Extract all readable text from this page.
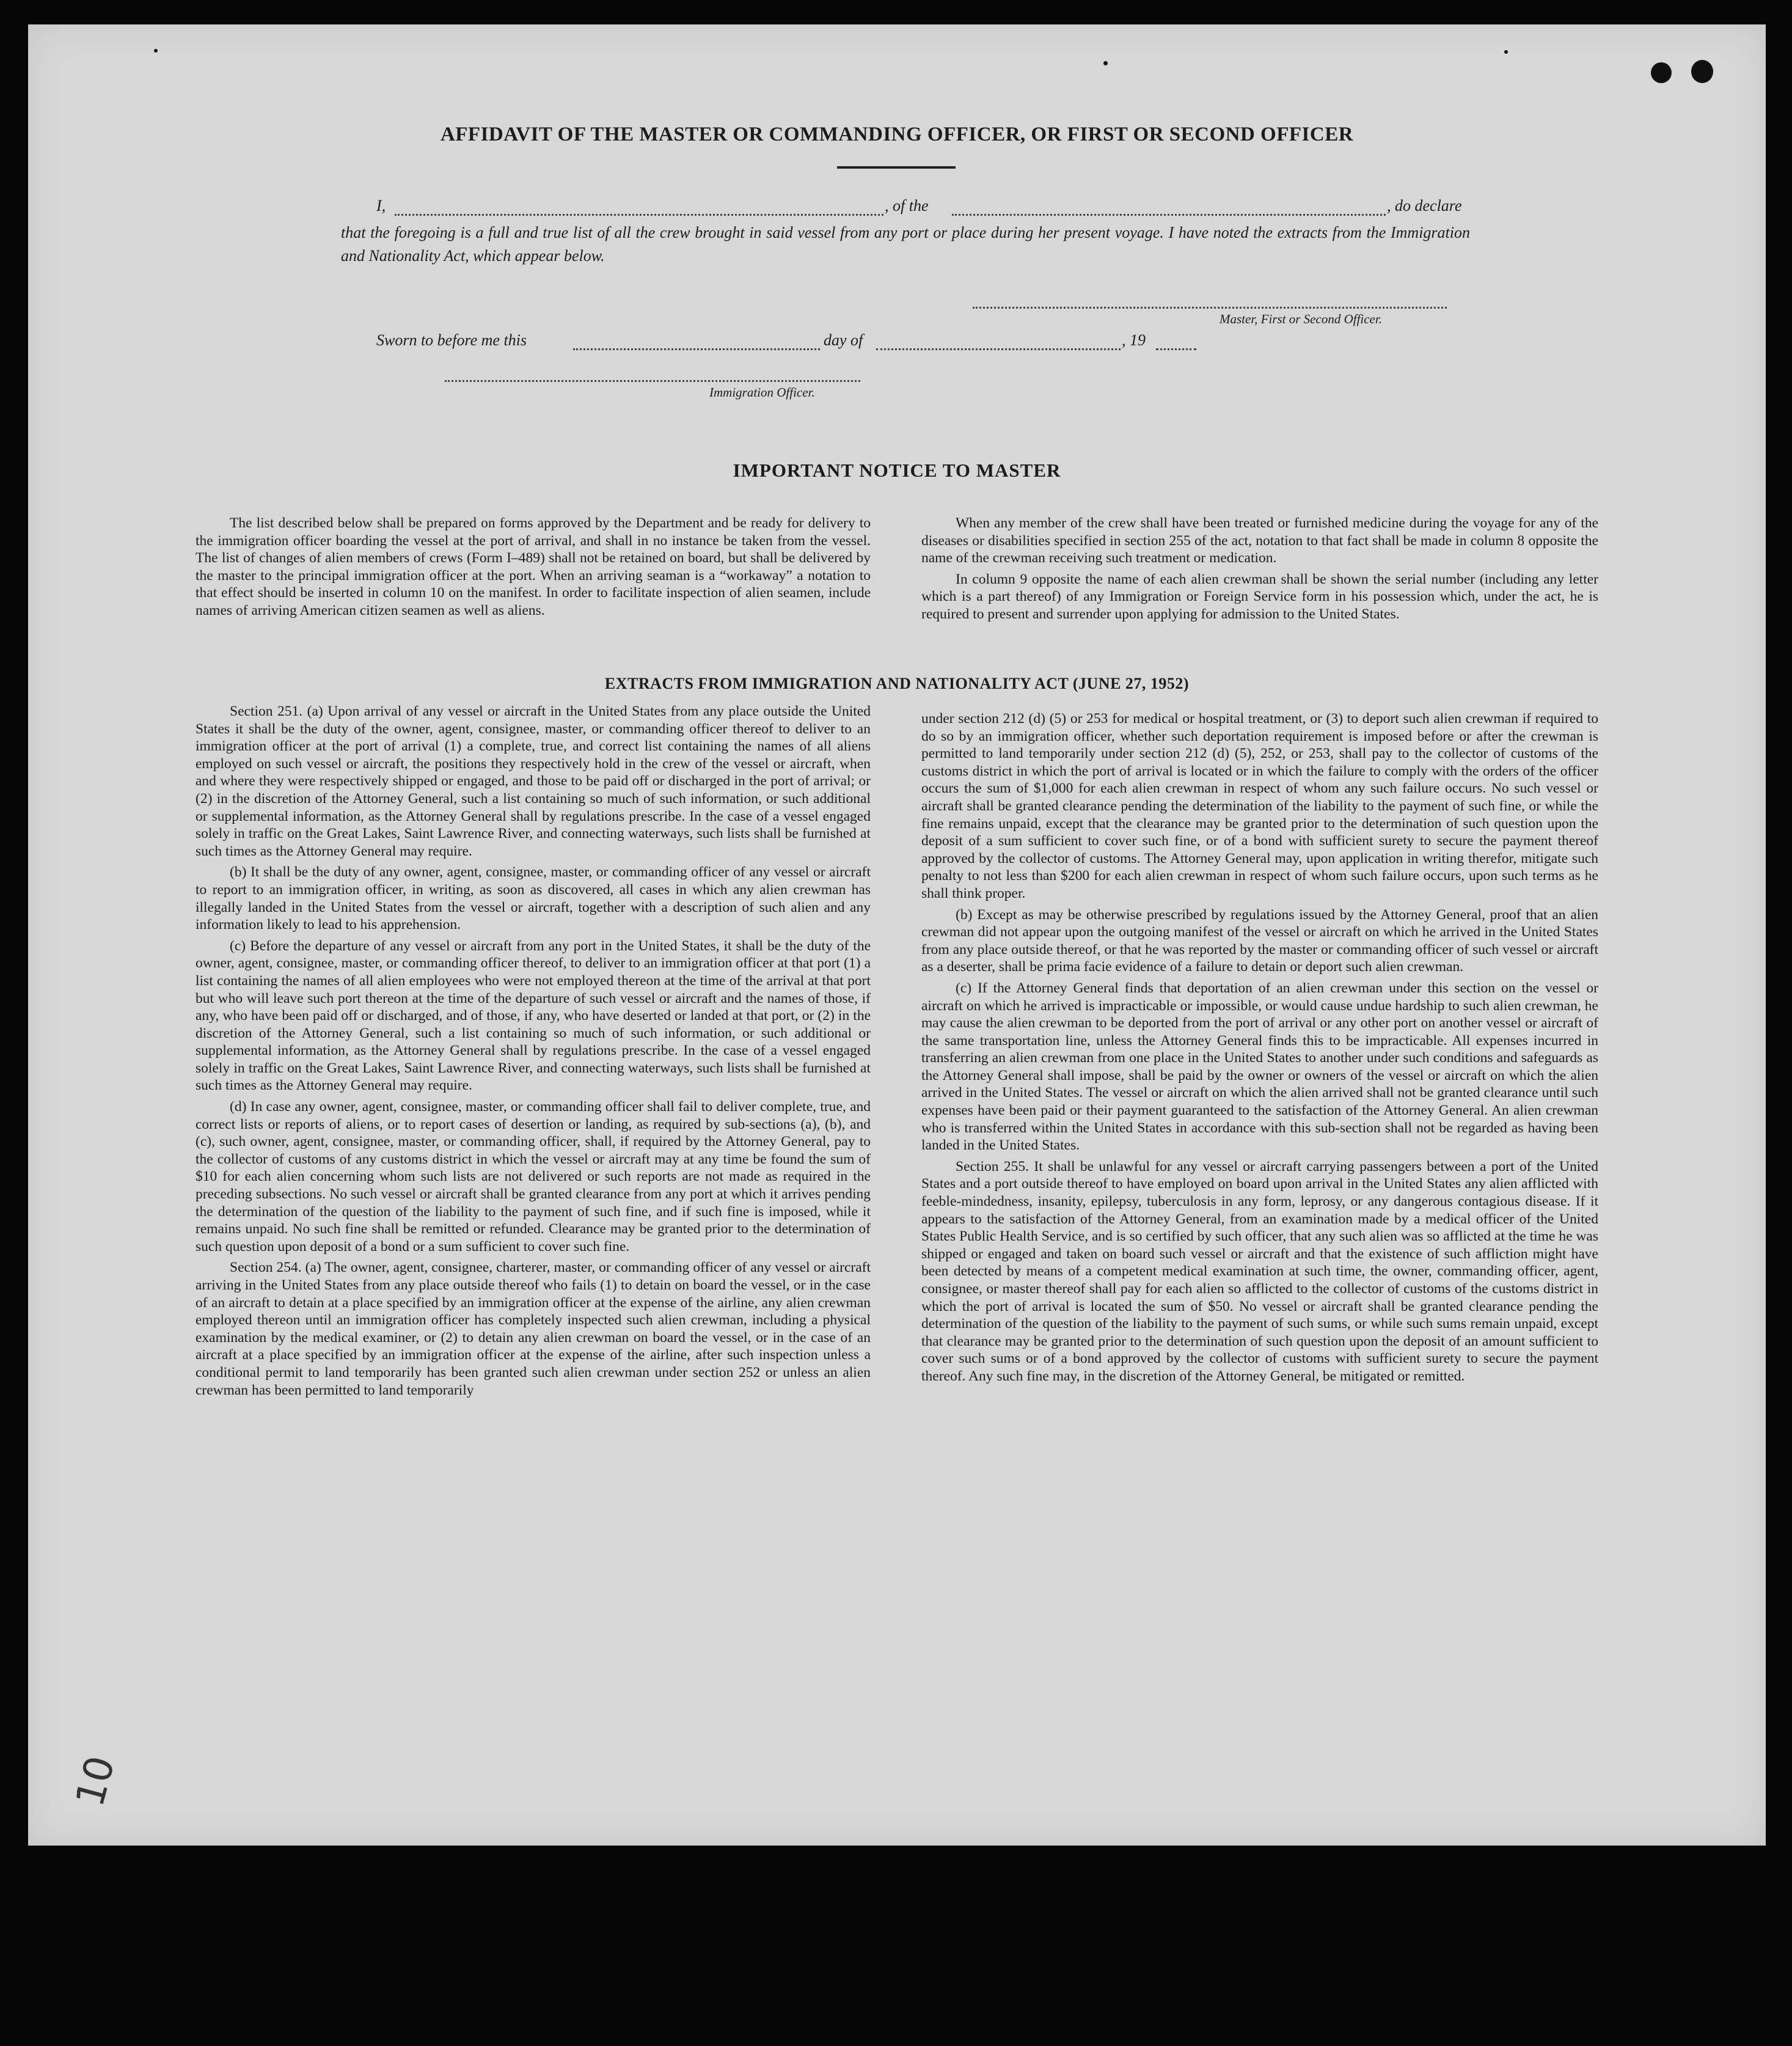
AFFIDAVIT OF THE MASTER OR COMMANDING OFFICER, OR FIRST OR SECOND OFFICER
I,	, of the	, do declare
that the foregoing is a full and true list of all the crew brought in said vessel from any port or place during her present voyage. I have noted the extracts from the Immigration and Nationality Act, which appear below.
Master, First or Second Officer.
Sworn to before me this	day of	, 19
Immigration Officer.
IMPORTANT NOTICE TO MASTER

The list described below shall be prepared on forms approved by the Department and be ready for delivery to the immigration officer boarding the vessel at the port of arrival, and shall in no instance be taken from the vessel. The list of changes of alien members of crews (Form I–489) shall not be retained on board, but shall be delivered by the master to the principal immigration officer at the port. When an arriving seaman is a “workaway” a notation to that effect should be inserted in column 10 on the manifest. In order to facilitate inspection of alien seamen, include names of arriving American citizen seamen as well as aliens.

When any member of the crew shall have been treated or furnished medicine during the voyage for any of the diseases or disabilities specified in section 255 of the act, notation to that fact shall be made in column 8 opposite the name of the crewman receiving such treatment or medication.

In column 9 opposite the name of each alien crewman shall be shown the serial number (including any letter which is a part thereof) of any Immigration or Foreign Service form in his possession which, under the act, he is required to present and surrender upon applying for admission to the United States.

EXTRACTS FROM IMMIGRATION AND NATIONALITY ACT (JUNE 27, 1952)

Section 251. (a) Upon arrival of any vessel or aircraft in the United States from any place outside the United States it shall be the duty of the owner, agent, consignee, master, or commanding officer thereof to deliver to an immigration officer at the port of arrival (1) a complete, true, and correct list containing the names of all aliens employed on such vessel or aircraft, the positions they respectively hold in the crew of the vessel or aircraft, when and where they were respectively shipped or engaged, and those to be paid off or discharged in the port of arrival; or (2) in the discretion of the Attorney General, such a list containing so much of such information, or such additional or supplemental information, as the Attorney General shall by regulations prescribe. In the case of a vessel engaged solely in traffic on the Great Lakes, Saint Lawrence River, and connecting waterways, such lists shall be furnished at such times as the Attorney General may require.

(b) It shall be the duty of any owner, agent, consignee, master, or commanding officer of any vessel or aircraft to report to an immigration officer, in writing, as soon as discovered, all cases in which any alien crewman has illegally landed in the United States from the vessel or aircraft, together with a description of such alien and any information likely to lead to his apprehension.

(c) Before the departure of any vessel or aircraft from any port in the United States, it shall be the duty of the owner, agent, consignee, master, or commanding officer thereof, to deliver to an immigration officer at that port (1) a list containing the names of all alien employees who were not employed thereon at the time of the arrival at that port but who will leave such port thereon at the time of the departure of such vessel or aircraft and the names of those, if any, who have been paid off or discharged, and of those, if any, who have deserted or landed at that port, or (2) in the discretion of the Attorney General, such a list containing so much of such information, or such additional or supplemental information, as the Attorney General shall by regulations prescribe. In the case of a vessel engaged solely in traffic on the Great Lakes, Saint Lawrence River, and connecting waterways, such lists shall be furnished at such times as the Attorney General may require.

(d) In case any owner, agent, consignee, master, or commanding officer shall fail to deliver complete, true, and correct lists or reports of aliens, or to report cases of desertion or landing, as required by sub-sections (a), (b), and (c), such owner, agent, consignee, master, or commanding officer, shall, if required by the Attorney General, pay to the collector of customs of any customs district in which the vessel or aircraft may at any time be found the sum of $10 for each alien concerning whom such lists are not delivered or such reports are not made as required in the preceding subsections. No such vessel or aircraft shall be granted clearance from any port at which it arrives pending the determination of the question of the liability to the payment of such fine, and if such fine is imposed, while it remains unpaid. No such fine shall be remitted or refunded. Clearance may be granted prior to the determination of such question upon deposit of a bond or a sum sufficient to cover such fine.

Section 254. (a) The owner, agent, consignee, charterer, master, or commanding officer of any vessel or aircraft arriving in the United States from any place outside thereof who fails (1) to detain on board the vessel, or in the case of an aircraft to detain at a place specified by an immigration officer at the expense of the airline, any alien crewman employed thereon until an immigration officer has completely inspected such alien crewman, including a physical examination by the medical examiner, or (2) to detain any alien crewman on board the vessel, or in the case of an aircraft at a place specified by an immigration officer at the expense of the airline, after such inspection unless a conditional permit to land temporarily has been granted such alien crewman under section 252 or unless an alien crewman has been permitted to land temporarily

under section 212 (d) (5) or 253 for medical or hospital treatment, or (3) to deport such alien crewman if required to do so by an immigration officer, whether such deportation requirement is imposed before or after the crewman is permitted to land temporarily under section 212 (d) (5), 252, or 253, shall pay to the collector of customs of the customs district in which the port of arrival is located or in which the failure to comply with the orders of the officer occurs the sum of $1,000 for each alien crewman in respect of whom any such failure occurs. No such vessel or aircraft shall be granted clearance pending the determination of the liability to the payment of such fine, or while the fine remains unpaid, except that the clearance may be granted prior to the determination of such question upon the deposit of a sum sufficient to cover such fine, or of a bond with sufficient surety to secure the payment thereof approved by the collector of customs. The Attorney General may, upon application in writing therefor, mitigate such penalty to not less than $200 for each alien crewman in respect of whom such failure occurs, upon such terms as he shall think proper.

(b) Except as may be otherwise prescribed by regulations issued by the Attorney General, proof that an alien crewman did not appear upon the outgoing manifest of the vessel or aircraft on which he arrived in the United States from any place outside thereof, or that he was reported by the master or commanding officer of such vessel or aircraft as a deserter, shall be prima facie evidence of a failure to detain or deport such alien crewman.

(c) If the Attorney General finds that deportation of an alien crewman under this section on the vessel or aircraft on which he arrived is impracticable or impossible, or would cause undue hardship to such alien crewman, he may cause the alien crewman to be deported from the port of arrival or any other port on another vessel or aircraft of the same transportation line, unless the Attorney General finds this to be impracticable. All expenses incurred in transferring an alien crewman from one place in the United States to another under such conditions and safeguards as the Attorney General shall impose, shall be paid by the owner or owners of the vessel or aircraft on which the alien arrived in the United States. The vessel or aircraft on which the alien arrived shall not be granted clearance until such expenses have been paid or their payment guaranteed to the satisfaction of the Attorney General. An alien crewman who is transferred within the United States in accordance with this sub-section shall not be regarded as having been landed in the United States.

Section 255. It shall be unlawful for any vessel or aircraft carrying passengers between a port of the United States and a port outside thereof to have employed on board upon arrival in the United States any alien afflicted with feeble-mindedness, insanity, epilepsy, tuberculosis in any form, leprosy, or any dangerous contagious disease. If it appears to the satisfaction of the Attorney General, from an examination made by a medical officer of the United States Public Health Service, and is so certified by such officer, that any such alien was so afflicted at the time he was shipped or engaged and taken on board such vessel or aircraft and that the existence of such affliction might have been detected by means of a competent medical examination at such time, the owner, commanding officer, agent, consignee, or master thereof shall pay for each alien so afflicted to the collector of customs of the customs district in which the port of arrival is located the sum of $50. No vessel or aircraft shall be granted clearance pending the determination of the question of the liability to the payment of such sums, or while such sums remain unpaid, except that clearance may be granted prior to the determination of such question upon the deposit of an amount sufficient to cover such sums or of a bond approved by the collector of customs with sufficient surety to secure the payment thereof. Any such fine may, in the discretion of the Attorney General, be mitigated or remitted.

10
